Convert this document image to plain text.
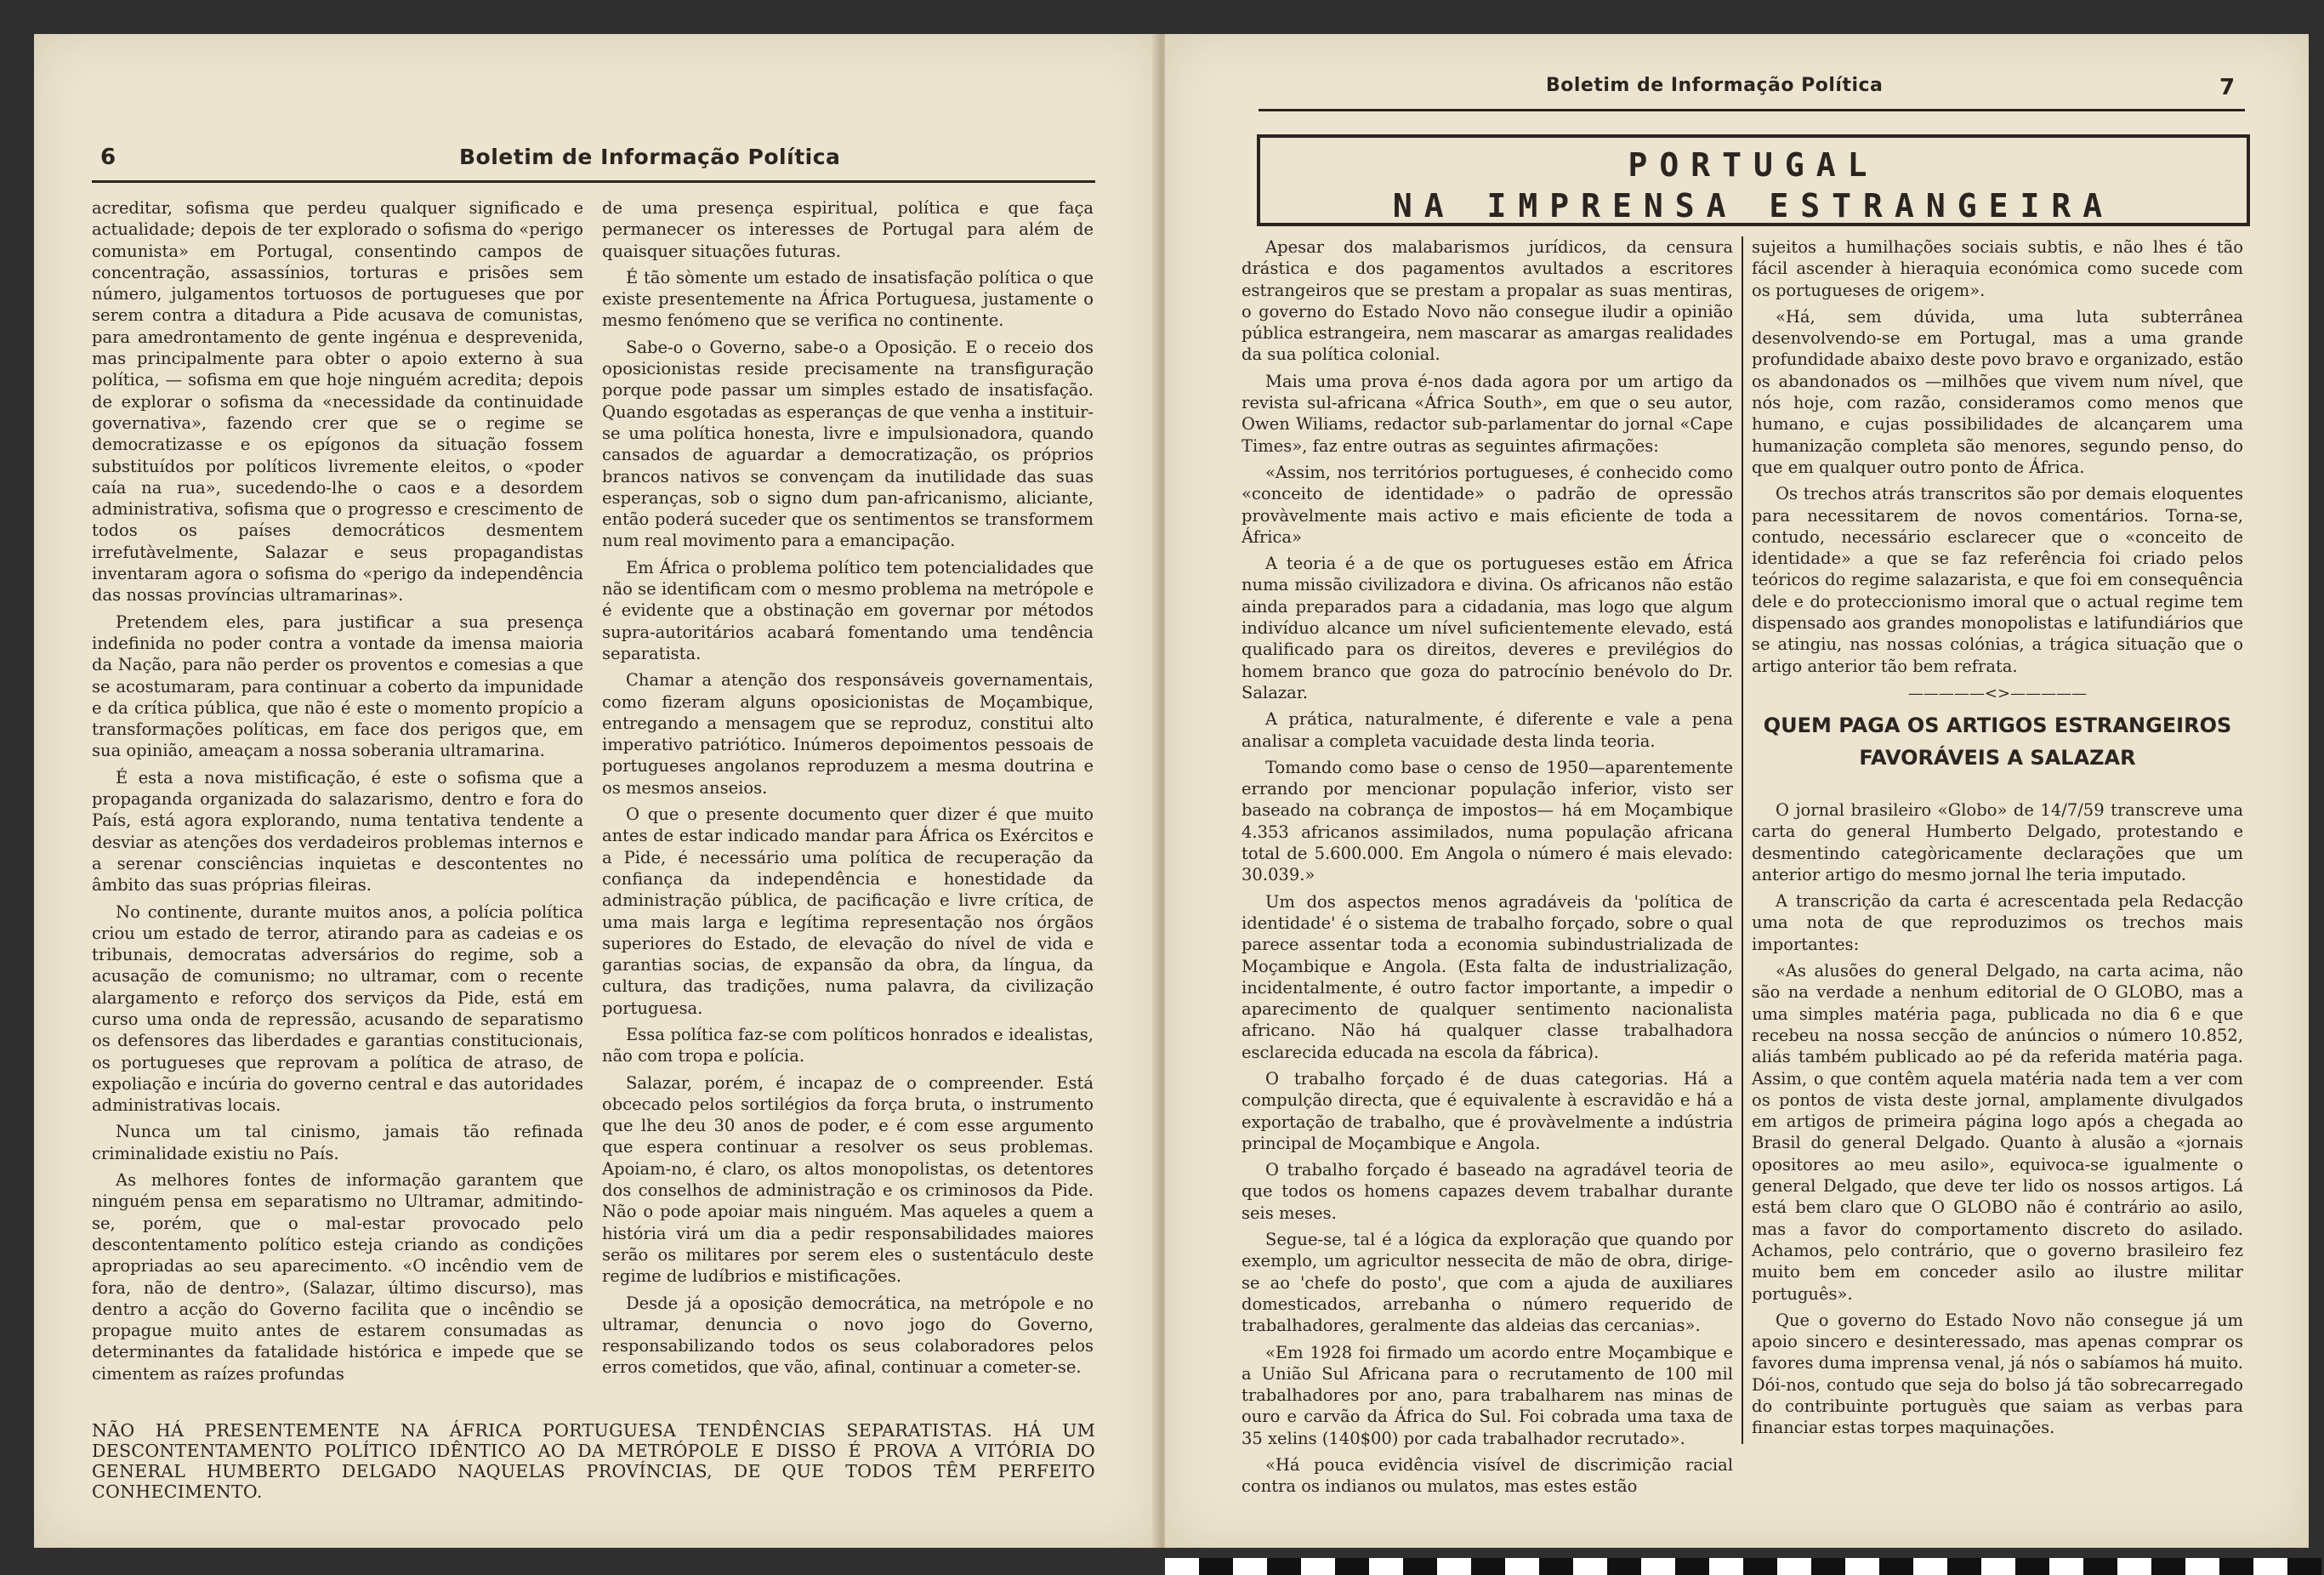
6	Boletim de Informação Política

acreditar, sofisma que perdeu qualquer significado e actualidade; depois de ter explorado o sofisma do «perigo comunista» em Portugal, consentindo campos de concentração, assassínios, torturas e prisões sem número, julgamentos tortuosos de portugueses que por serem contra a ditadura a Pide acusava de comunistas, para amedrontamento de gente ingénua e desprevenida, mas principalmente para obter o apoio externo à sua política, — sofisma em que hoje ninguém acredita; depois de explorar o sofisma da «necessidade da continuidade governativa», fazendo crer que se o regime se democratizasse e os epígonos da situação fossem substituídos por políticos livremente eleitos, o «poder caía na rua», sucedendo-lhe o caos e a desordem administrativa, sofisma que o progresso e crescimento de todos os países democráticos desmentem irrefutàvelmente, Salazar e seus propagandistas inventaram agora o sofisma do «perigo da independência das nossas províncias ultramarinas».

Pretendem eles, para justificar a sua presença indefinida no poder contra a vontade da imensa maioria da Nação, para não perder os proventos e comesias a que se acostumaram, para continuar a coberto da impunidade e da crítica pública, que não é este o momento propício a transformações políticas, em face dos perigos que, em sua opinião, ameaçam a nossa soberania ultramarina.

É esta a nova mistificação, é este o sofisma que a propaganda organizada do salazarismo, dentro e fora do País, está agora explorando, numa tentativa tendente a desviar as atenções dos verdadeiros problemas internos e a serenar consciências inquietas e descontentes no âmbito das suas próprias fileiras.

No continente, durante muitos anos, a polícia política criou um estado de terror, atirando para as cadeias e os tribunais, democratas adversários do regime, sob a acusação de comunismo; no ultramar, com o recente alargamento e reforço dos serviços da Pide, está em curso uma onda de repressão, acusando de separatismo os defensores das liberdades e garantias constitucionais, os portugueses que reprovam a política de atraso, de expoliação e incúria do governo central e das autoridades administrativas locais.

Nunca um tal cinismo, jamais tão refinada criminalidade existiu no País.

As melhores fontes de informação garantem que ninguém pensa em separatismo no Ultramar, admitindo-se, porém, que o mal-estar provocado pelo descontentamento político esteja criando as condições apropriadas ao seu aparecimento. «O incêndio vem de fora, não de dentro», (Salazar, último discurso), mas dentro a acção do Governo facilita que o incêndio se propague muito antes de estarem consumadas as determinantes da fatalidade histórica e impede que se cimentem as raízes profundas

de uma presença espiritual, política e que faça permanecer os interesses de Portugal para além de quaisquer situações futuras.

É tão sòmente um estado de insatisfação política o que existe presentemente na África Portuguesa, justamente o mesmo fenómeno que se verifica no continente.

Sabe-o o Governo, sabe-o a Oposição. E o receio dos oposicionistas reside precisamente na transfiguração porque pode passar um simples estado de insatisfação. Quando esgotadas as esperanças de que venha a instituir-se uma política honesta, livre e impulsionadora, quando cansados de aguardar a democratização, os próprios brancos nativos se convençam da inutilidade das suas esperanças, sob o signo dum pan-africanismo, aliciante, então poderá suceder que os sentimentos se transformem num real movimento para a emancipação.

Em África o problema político tem potencialidades que não se identificam com o mesmo problema na metrópole e é evidente que a obstinação em governar por métodos supra-autoritários acabará fomentando uma tendência separatista.

Chamar a atenção dos responsáveis governamentais, como fizeram alguns oposicionistas de Moçambique, entregando a mensagem que se reproduz, constitui alto imperativo patriótico. Inúmeros depoimentos pessoais de portugueses angolanos reproduzem a mesma doutrina e os mesmos anseios.

O que o presente documento quer dizer é que muito antes de estar indicado mandar para África os Exércitos e a Pide, é necessário uma política de recuperação da confiança da independência e honestidade da administração pública, de pacificação e livre crítica, de uma mais larga e legítima representação nos órgãos superiores do Estado, de elevação do nível de vida e garantias socias, de expansão da obra, da língua, da cultura, das tradições, numa palavra, da civilização portuguesa.

Essa política faz-se com políticos honrados e idealistas, não com tropa e polícia.

Salazar, porém, é incapaz de o compreender. Está obcecado pelos sortilégios da força bruta, o instrumento que lhe deu 30 anos de poder, e é com esse argumento que espera continuar a resolver os seus problemas. Apoiam-no, é claro, os altos monopolistas, os detentores dos conselhos de administração e os criminosos da Pide. Não o pode apoiar mais ninguém. Mas aqueles a quem a história virá um dia a pedir responsabilidades maiores serão os militares por serem eles o sustentáculo deste regime de ludíbrios e mistificações.

Desde já a oposição democrática, na metrópole e no ultramar, denuncia o novo jogo do Governo, responsabilizando todos os seus colaboradores pelos erros cometidos, que vão, afinal, continuar a cometer-se.

NÃO HÁ PRESENTEMENTE NA ÁFRICA PORTUGUESA TENDÊNCIAS SEPARATISTAS. HÁ UM DESCONTENTAMENTO POLÍTICO IDÊNTICO AO DA METRÓPOLE E DISSO É PROVA A VITÓRIA DO GENERAL HUMBERTO DELGADO NAQUELAS PROVÍNCIAS, DE QUE TODOS TÊM PERFEITO CONHECIMENTO.
Boletim de Informação Política	7
PORTUGAL
NA IMPRENSA ESTRANGEIRA

Apesar dos malabarismos jurídicos, da censura drástica e dos pagamentos avultados a escritores estrangeiros que se prestam a propalar as suas mentiras, o governo do Estado Novo não consegue iludir a opinião pública estrangeira, nem mascarar as amargas realidades da sua política colonial.

Mais uma prova é-nos dada agora por um artigo da revista sul-africana «África South», em que o seu autor, Owen Wiliams, redactor sub-parlamentar do jornal «Cape Times», faz entre outras as seguintes afirmações:

«Assim, nos territórios portugueses, é conhecido como «conceito de identidade» o padrão de opressão provàvelmente mais activo e mais eficiente de toda a África»

A teoria é a de que os portugueses estão em África numa missão civilizadora e divina. Os africanos não estão ainda preparados para a cidadania, mas logo que algum indivíduo alcance um nível suficientemente elevado, está qualificado para os direitos, deveres e previlégios do homem branco que goza do patrocínio benévolo do Dr. Salazar.

A prática, naturalmente, é diferente e vale a pena analisar a completa vacuidade desta linda teoria.

Tomando como base o censo de 1950—aparentemente errando por mencionar população inferior, visto ser baseado na cobrança de impostos— há em Moçambique 4.353 africanos assimilados, numa população africana total de 5.600.000. Em Angola o número é mais elevado: 30.039.»

Um dos aspectos menos agradáveis da 'política de identidade' é o sistema de trabalho forçado, sobre o qual parece assentar toda a economia subindustrializada de Moçambique e Angola. (Esta falta de industrialização, incidentalmente, é outro factor importante, a impedir o aparecimento de qualquer sentimento nacionalista africano. Não há qualquer classe trabalhadora esclarecida educada na escola da fábrica).

O trabalho forçado é de duas categorias. Há a compulção directa, que é equivalente à escravidão e há a exportação de trabalho, que é provàvelmente a indústria principal de Moçambique e Angola.

O trabalho forçado é baseado na agradável teoria de que todos os homens capazes devem trabalhar durante seis meses.

Segue-se, tal é a lógica da exploração que quando por exemplo, um agricultor nessecita de mão de obra, dirige-se ao 'chefe do posto', que com a ajuda de auxiliares domesticados, arrebanha o número requerido de trabalhadores, geralmente das aldeias das cercanias».

«Em 1928 foi firmado um acordo entre Moçambique e a União Sul Africana para o recrutamento de 100 mil trabalhadores por ano, para trabalharem nas minas de ouro e carvão da África do Sul. Foi cobrada uma taxa de 35 xelins (140$00) por cada trabalhador recrutado».

«Há pouca evidência visível de discrimição racial contra os indianos ou mulatos, mas estes estão

sujeitos a humilhações sociais subtis, e não lhes é tão fácil ascender à hieraquia económica como sucede com os portugueses de origem».

«Há, sem dúvida, uma luta subterrânea desenvolvendo-se em Portugal, mas a uma grande profundidade abaixo deste povo bravo e organizado, estão os abandonados os —milhões que vivem num nível, que nós hoje, com razão, consideramos como menos que humano, e cujas possibilidades de alcançarem uma humanização completa são menores, segundo penso, do que em qualquer outro ponto de África.

Os trechos atrás transcritos são por demais eloquentes para necessitarem de novos comentários. Torna-se, contudo, necessário esclarecer que o «conceito de identidade» a que se faz referência foi criado pelos teóricos do regime salazarista, e que foi em consequência dele e do proteccionismo imoral que o actual regime tem dispensado aos grandes monopolistas e latifundiários que se atingiu, nas nossas colónias, a trágica situação que o artigo anterior tão bem refrata.

—————<>—————
QUEM PAGA OS ARTIGOS ESTRANGEIROS
FAVORÁVEIS A SALAZAR

O jornal brasileiro «Globo» de 14/7/59 transcreve uma carta do general Humberto Delgado, protestando e desmentindo categòricamente declarações que um anterior artigo do mesmo jornal lhe teria imputado.

A transcrição da carta é acrescentada pela Redacção uma nota de que reproduzimos os trechos mais importantes:

«As alusões do general Delgado, na carta acima, não são na verdade a nenhum editorial de O GLOBO, mas a uma simples matéria paga, publicada no dia 6 e que recebeu na nossa secção de anúncios o número 10.852, aliás também publicado ao pé da referida matéria paga. Assim, o que contêm aquela matéria nada tem a ver com os pontos de vista deste jornal, amplamente divulgados em artigos de primeira página logo após a chegada ao Brasil do general Delgado. Quanto à alusão a «jornais opositores ao meu asilo», equivoca-se igualmente o general Delgado, que deve ter lido os nossos artigos. Lá está bem claro que O GLOBO não é contrário ao asilo, mas a favor do comportamento discreto do asilado. Achamos, pelo contrário, que o governo brasileiro fez muito bem em conceder asilo ao ilustre militar português».

Que o governo do Estado Novo não consegue já um apoio sincero e desinteressado, mas apenas comprar os favores duma imprensa venal, já nós o sabíamos há muito. Dói-nos, contudo que seja do bolso já tão sobrecarregado do contribuinte portuguès que saiam as verbas para financiar estas torpes maquinações.
